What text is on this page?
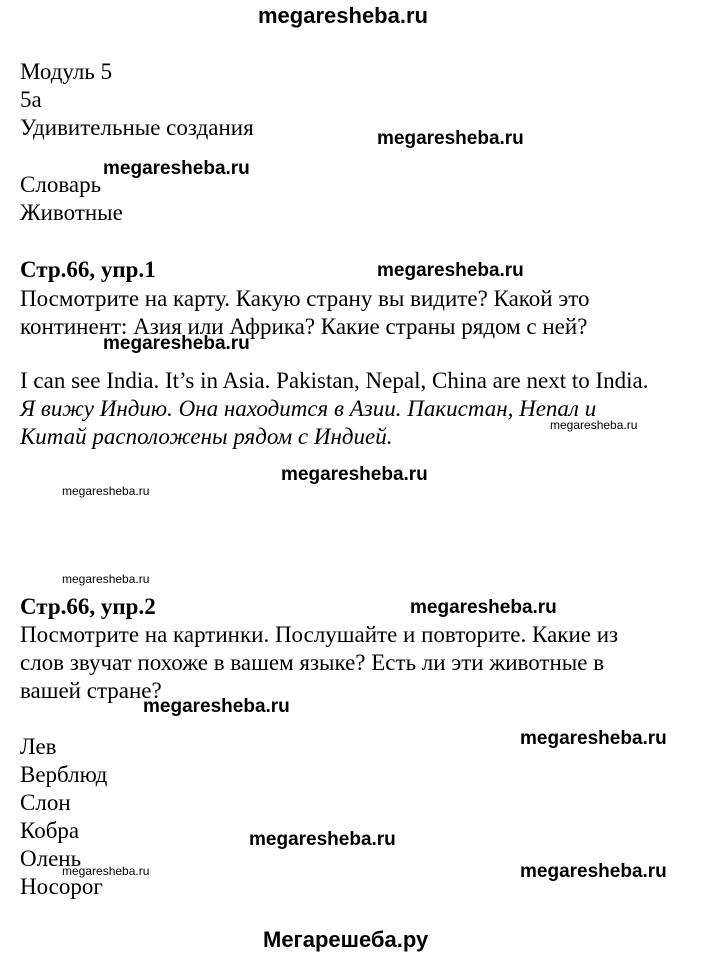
megaresheba.ru
Модуль 5
5a
Удивительные создания
Словарь
Животные
Стр.66, упр.1
Посмотрите на карту. Какую страну вы видите? Какой это
континент: Азия или Африка? Какие страны рядом с ней?
I can see India. It’s in Asia. Pakistan, Nepal, China are next to India.
Я вижу Индию. Она находится в Азии. Пакистан, Непал и
Китай расположены рядом с Индией.
Стр.66, упр.2
Посмотрите на картинки. Послушайте и повторите. Какие из
слов звучат похоже в вашем языке? Есть ли эти животные в
вашей стране?
Лев
Верблюд
Слон
Кобра
Олень
Носорог
megaresheba.ru
megaresheba.ru
megaresheba.ru
megaresheba.ru
megaresheba.ru
megaresheba.ru
megaresheba.ru
megaresheba.ru
megaresheba.ru
megaresheba.ru
megaresheba.ru
megaresheba.ru
megaresheba.ru	megaresheba.ru
Мегарешеба.ру
